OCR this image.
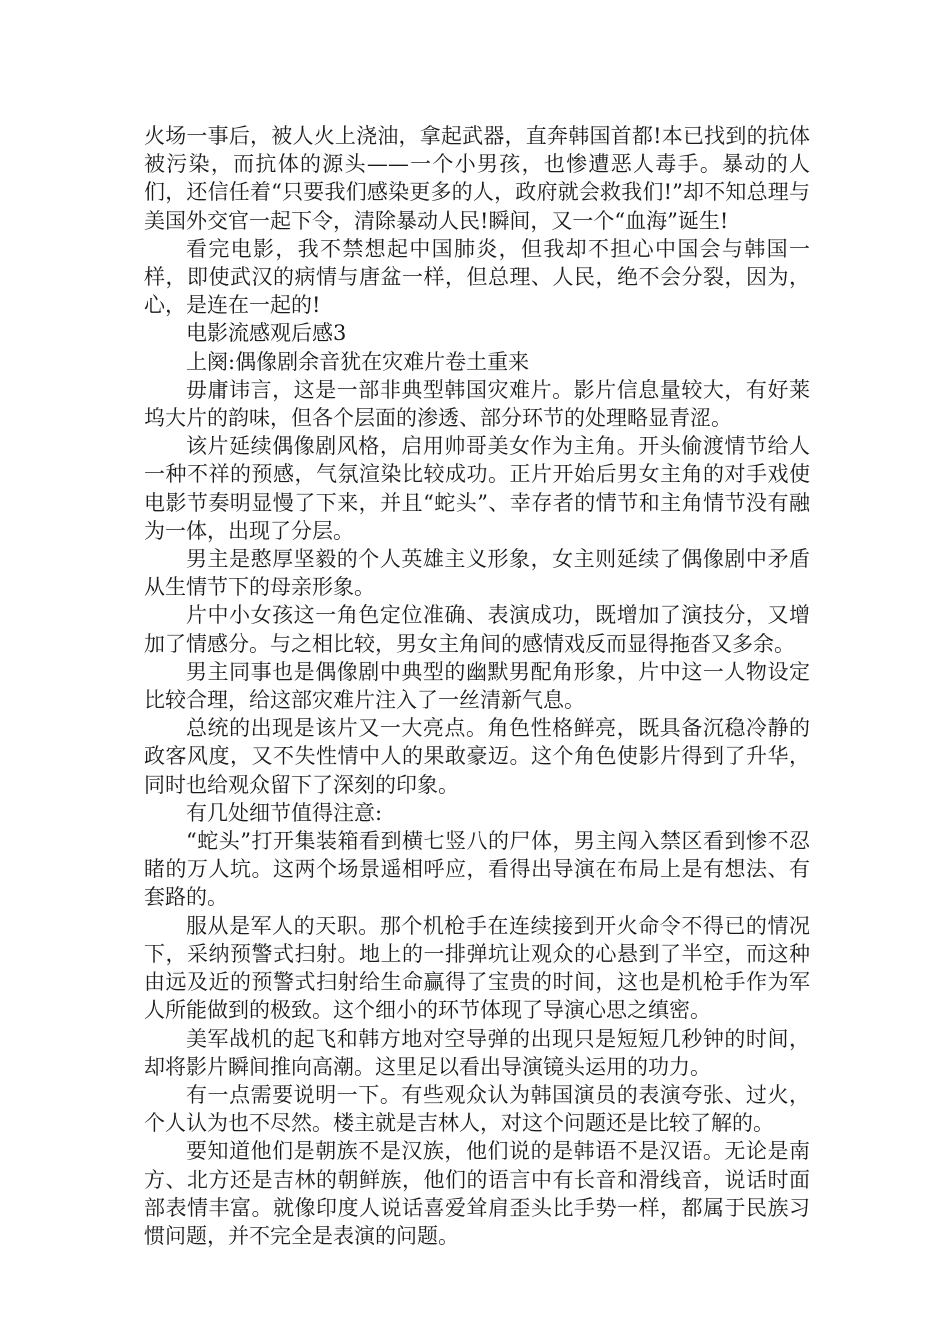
火场一事后，被人火上浇油，拿起武器，直奔韩国首都!本已找到的抗体被污染，而抗体的源头——一个小男孩，也惨遭恶人毒手。暴动的人们，还信任着“只要我们感染更多的人，政府就会救我们!”却不知总理与美国外交官一起下令，清除暴动人民!瞬间，又一个“血海”诞生!

看完电影，我不禁想起中国肺炎，但我却不担心中国会与韩国一样，即使武汉的病情与唐盆一样，但总理、人民，绝不会分裂，因为，心，是连在一起的!

电影流感观后感3

上阕:偶像剧余音犹在灾难片卷土重来

毋庸讳言，这是一部非典型韩国灾难片。影片信息量较大，有好莱坞大片的韵味，但各个层面的渗透、部分环节的处理略显青涩。

该片延续偶像剧风格，启用帅哥美女作为主角。开头偷渡情节给人一种不祥的预感，气氛渲染比较成功。正片开始后男女主角的对手戏使电影节奏明显慢了下来，并且“蛇头”、幸存者的情节和主角情节没有融为一体，出现了分层。

男主是憨厚坚毅的个人英雄主义形象，女主则延续了偶像剧中矛盾从生情节下的母亲形象。

片中小女孩这一角色定位准确、表演成功，既增加了演技分，又增加了情感分。与之相比较，男女主角间的感情戏反而显得拖沓又多余。

男主同事也是偶像剧中典型的幽默男配角形象，片中这一人物设定比较合理，给这部灾难片注入了一丝清新气息。

总统的出现是该片又一大亮点。角色性格鲜亮，既具备沉稳冷静的政客风度，又不失性情中人的果敢豪迈。这个角色使影片得到了升华，同时也给观众留下了深刻的印象。

有几处细节值得注意:

“蛇头”打开集装箱看到横七竖八的尸体，男主闯入禁区看到惨不忍睹的万人坑。这两个场景遥相呼应，看得出导演在布局上是有想法、有套路的。

服从是军人的天职。那个机枪手在连续接到开火命令不得已的情况下，采纳预警式扫射。地上的一排弹坑让观众的心悬到了半空，而这种由远及近的预警式扫射给生命赢得了宝贵的时间，这也是机枪手作为军人所能做到的极致。这个细小的环节体现了导演心思之缜密。

美军战机的起飞和韩方地对空导弹的出现只是短短几秒钟的时间，却将影片瞬间推向高潮。这里足以看出导演镜头运用的功力。

有一点需要说明一下。有些观众认为韩国演员的表演夸张、过火，个人认为也不尽然。楼主就是吉林人，对这个问题还是比较了解的。

要知道他们是朝族不是汉族，他们说的是韩语不是汉语。无论是南方、北方还是吉林的朝鲜族，他们的语言中有长音和滑线音，说话时面部表情丰富。就像印度人说话喜爱耸肩歪头比手势一样，都属于民族习惯问题，并不完全是表演的问题。
